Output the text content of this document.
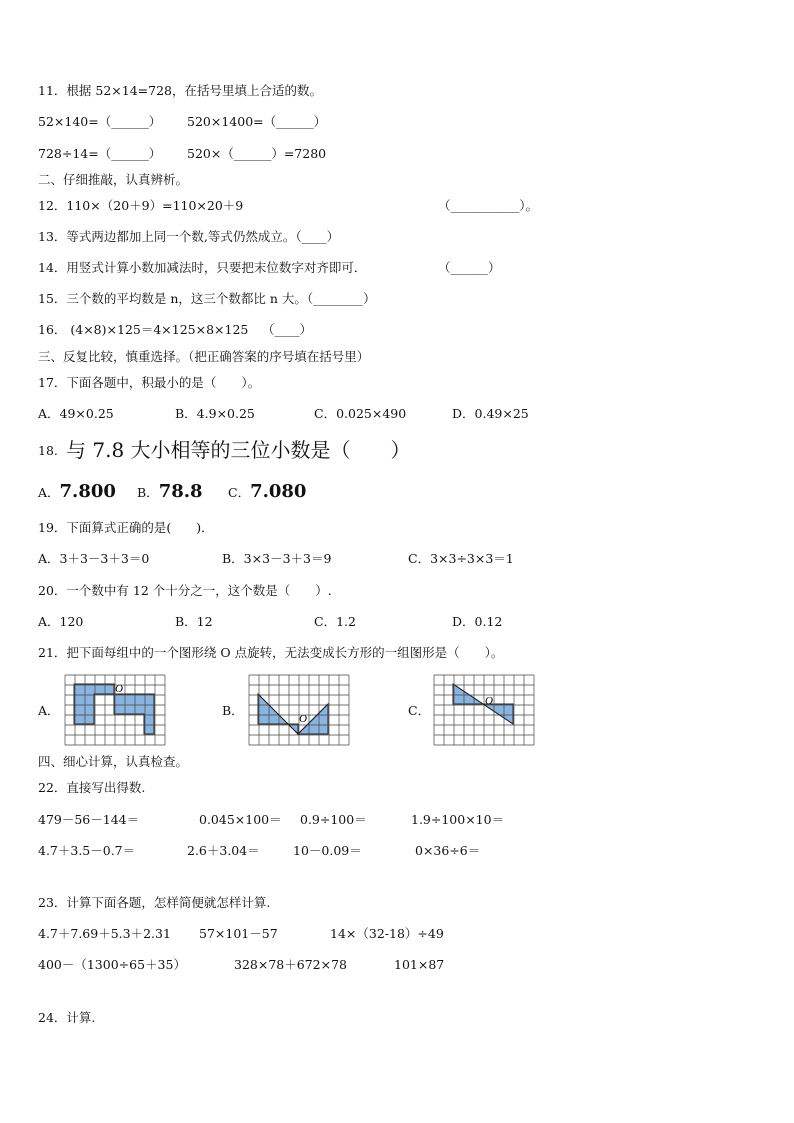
11．根据 52×14=728，在括号里填上合适的数。
52×140=（______） 520×1400=（______）
728÷14=（______） 520×（______）=7280
二、仔细推敲，认真辨析。
12．110×（20＋9）=110×20＋9	（___________）。
13．等式两边都加上同一个数,等式仍然成立。（____）
14．用竖式计算小数加减法时，只要把末位数字对齐即可．	（______）
15．三个数的平均数是 n，这三个数都比 n 大。（________）
16． (4×8)×125＝4×125×8×125 （____）
三、反复比较，慎重选择。（把正确答案的序号填在括号里）
17．下面各题中，积最小的是（　　）。
A．49×0.25	B．4.9×0.25	C．0.025×490	D．0.49×25
18. 与 7.8 大小相等的三位小数是（　　）
A．7.800 B．78.8 C．7.080
19．下面算式正确的是(　　)．
A．3＋3－3＋3＝0	B．3×3－3＋3＝9	C．3×3÷3×3＝1
20．一个数中有 12 个十分之一，这个数是（　　）.
A．120	B．12	C．1.2	D．0.12
21．把下面每组中的一个图形绕 O 点旋转，无法变成长方形的一组图形是（　　）。
A．	B．	C．
O
O
O
四、细心计算，认真检查。
22．直接写出得数.
479－56－144＝	0.045×100＝ 0.9÷100＝	1.9÷100×10＝
4.7＋3.5－0.7＝	2.6＋3.04＝	10－0.09＝	0×36÷6＝
23．计算下面各题，怎样简便就怎样计算.
4.7＋7.69＋5.3＋2.31 57×101－57	14×（32-18）÷49
400－（1300÷65＋35）	328×78＋672×78	101×87
24．计算.
